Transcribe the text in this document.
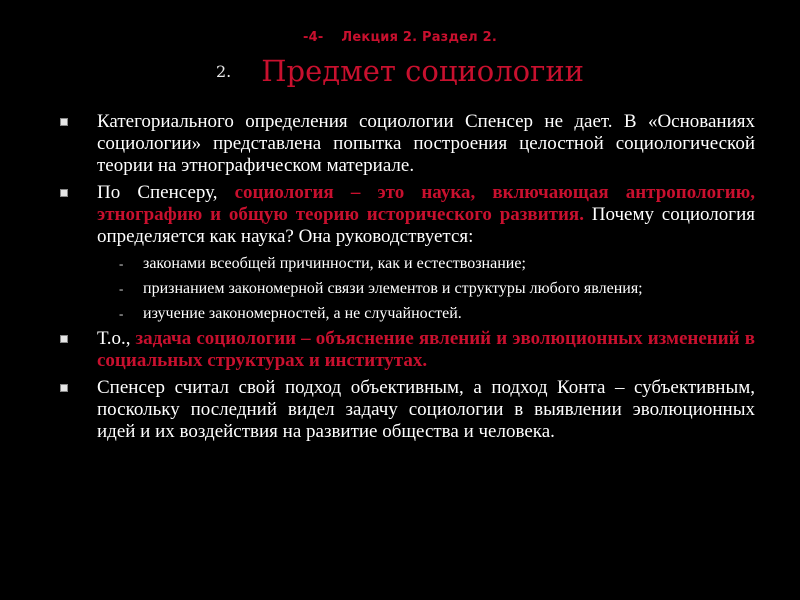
-4- Лекция 2. Раздел 2.
2. Предмет социологии
Категориального определения социологии Спенсер не дает. В «Основаниях социологии» представлена попытка построения целостной социологической теории на этнографическом материале.
По Спенсеру, социология – это наука, включающая антропологию, этнографию и общую теорию исторического развития. Почему социология определяется как наука? Она руководствуется:
- законами всеобщей причинности, как и естествознание;
- признанием закономерной связи элементов и структуры любого явления;
- изучение закономерностей, а не случайностей.
Т.о., задача социологии – объяснение явлений и эволюционных изменений в социальных структурах и институтах.
Спенсер считал свой подход объективным, а подход Конта – субъективным, поскольку последний видел задачу социологии в выявлении эволюционных идей и их воздействия на развитие общества и человека.
